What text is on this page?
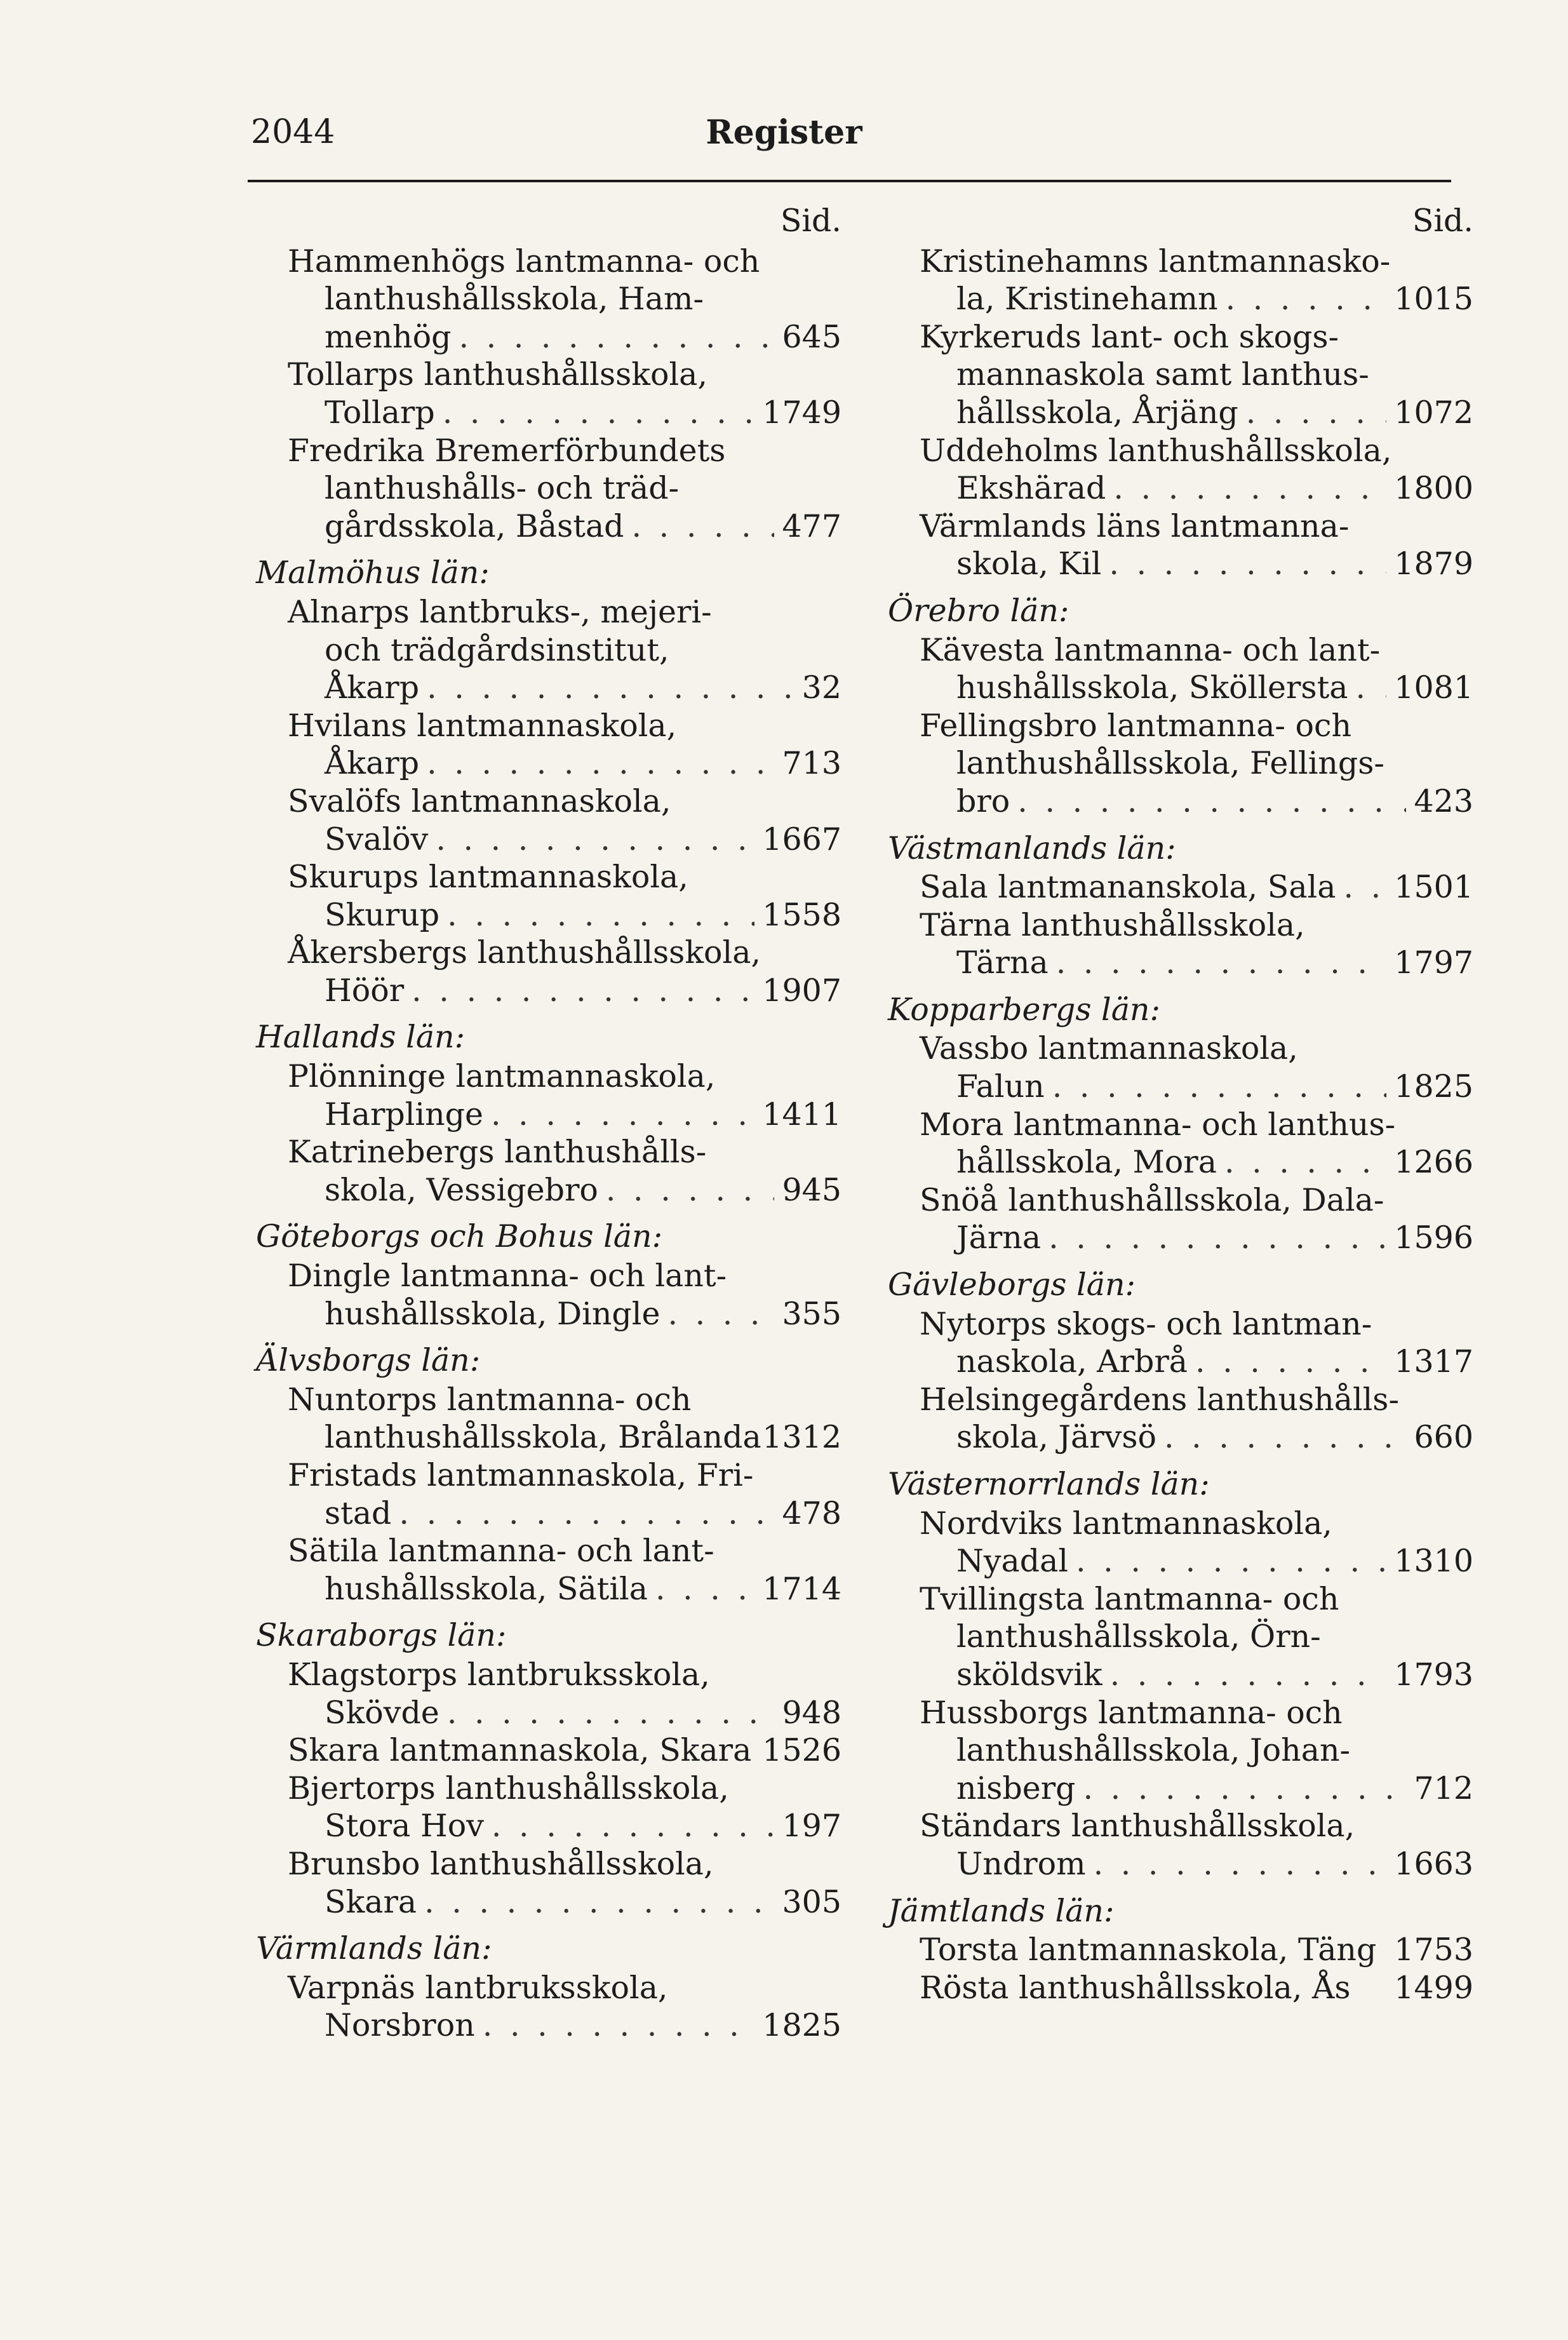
2044	Register
Sid.
Hammenhögs lantmanna- och
lanthushållsskola, Ham-
menhög . . .	645
Tollarps lanthushållsskola,
Tollarp . . .	1749
Fredrika Bremerförbundets
lanthushålls- och träd-
gårdsskola, Båstad . . .	477
Malmöhus län:
Alnarps lantbruks-, mejeri-
och trädgårdsinstitut,
Åkarp . . .	32
Hvilans lantmannaskola,
Åkarp . . .	713
Svalöfs lantmannaskola,
Svalöv . . .	1667
Skurups lantmannaskola,
Skurup . . .	1558
Åkersbergs lanthushållsskola,
Höör . . .	1907
Hallands län:
Plönninge lantmannaskola,
Harplinge . . .	1411
Katrinebergs lanthushålls-
skola, Vessigebro . . .	945
Göteborgs och Bohus län:
Dingle lantmanna- och lant-
hushållsskola, Dingle . . .	355
Älvsborgs län:
Nuntorps lantmanna- och
lanthushållsskola, Brålanda 1312
Fristads lantmannaskola, Fri-
stad . . .	478
Sätila lantmanna- och lant-
hushållsskola, Sätila . . .	1714
Skaraborgs län:
Klagstorps lantbruksskola,
Skövde . . .	948
Skara lantmannaskola, Skara 1526
Bjertorps lanthushållsskola,
Stora Hov . . .	197
Brunsbo lanthushållsskola,
Skara . . .	305
Värmlands län:
Varpnäs lantbruksskola,
Norsbron . . .	1825
Sid.
Kristinehamns lantmannasko-
la, Kristinehamn . . .	1015
Kyrkeruds lant- och skogs-
mannaskola samt lanthus-
hållsskola, Årjäng . . .	1072
Uddeholms lanthushållsskola,
Ekshärad . . .	1800
Värmlands läns lantmanna-
skola, Kil . . .	1879
Örebro län:
Kävesta lantmanna- och lant-
hushållsskola, Sköllersta . . . 1081
Fellingsbro lantmanna- och
lanthushållsskola, Fellings-
bro . . .	423
Västmanlands län:
Sala lantmananskola, Sala . . . 1501
Tärna lanthushållsskola,
Tärna . . .	1797
Kopparbergs län:
Vassbo lantmannaskola,
Falun . . .	1825
Mora lantmanna- och lanthus-
hållsskola, Mora . . .	1266
Snöå lanthushållsskola, Dala-
Järna . . .	1596
Gävleborgs län:
Nytorps skogs- och lantman-
naskola, Arbrå . . .	1317
Helsingegårdens lanthushålls-
skola, Järvsö . . .	660
Västernorrlands län:
Nordviks lantmannaskola,
Nyadal . . .	1310
Tvillingsta lantmanna- och
lanthushållsskola, Örn-
sköldsvik . . .	1793
Hussborgs lantmanna- och
lanthushållsskola, Johan-
nisberg . . .	712
Ständars lanthushållsskola,
Undrom . . .	1663
Jämtlands län:
Torsta lantmannaskola, Täng 1753
Rösta lanthushållsskola, Ås 1499
